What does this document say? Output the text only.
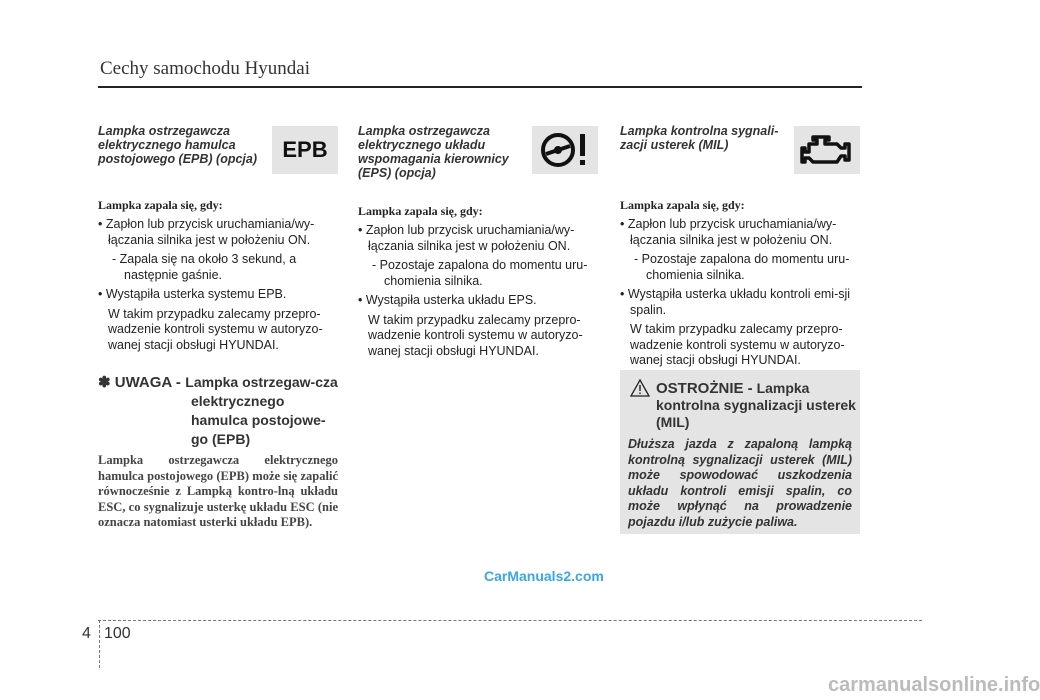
Cechy samochodu Hyundai
Lampka ostrzegawcza elektrycznego hamulca postojowego (EPB) (opcja) EPB
Lampka zapala się, gdy:
• Zapłon lub przycisk uruchamiania/wy-łączania silnika jest w położeniu ON.
- Zapala się na około 3 sekund, a następnie gaśnie.
• Wystąpiła usterka systemu EPB.
W takim przypadku zalecamy przepro-wadzenie kontroli systemu w autoryzo-wanej stacji obsługi HYUNDAI.
✽ UWAGA - Lampka ostrzegaw-cza elektrycznego hamulca postojowe-go (EPB)
Lampka ostrzegawcza elektrycznego hamulca postojowego (EPB) może się zapalić równocześnie z Lampką kontro-lną układu ESC, co sygnalizuje usterkę układu ESC (nie oznacza natomiast usterki układu EPB).
Lampka ostrzegawcza elektrycznego układu wspomagania kierownicy (EPS) (opcja)
Lampka zapala się, gdy:
• Zapłon lub przycisk uruchamiania/wy-łączania silnika jest w położeniu ON.
- Pozostaje zapalona do momentu uru-chomienia silnika.
• Wystąpiła usterka układu EPS.
W takim przypadku zalecamy przepro-wadzenie kontroli systemu w autoryzo-wanej stacji obsługi HYUNDAI.
Lampka kontrolna sygnali-zacji usterek (MIL)
Lampka zapala się, gdy:
• Zapłon lub przycisk uruchamiania/wy-łączania silnika jest w położeniu ON.
- Pozostaje zapalona do momentu uru-chomienia silnika.
• Wystąpiła usterka układu kontroli emi-sji spalin.
W takim przypadku zalecamy przepro-wadzenie kontroli systemu w autoryzo-wanej stacji obsługi HYUNDAI.
OSTROŻNIE - Lampka kontrolna sygnalizacji usterek (MIL)
Dłuższa jazda z zapaloną lampką kontrolną sygnalizacji usterek (MIL) może spowodować uszkodzenia układu kontroli emisji spalin, co może wpłynąć na prowadzenie pojazdu i/lub zużycie paliwa.
CarManuals2.com
4 100
carmanualsonline.info
